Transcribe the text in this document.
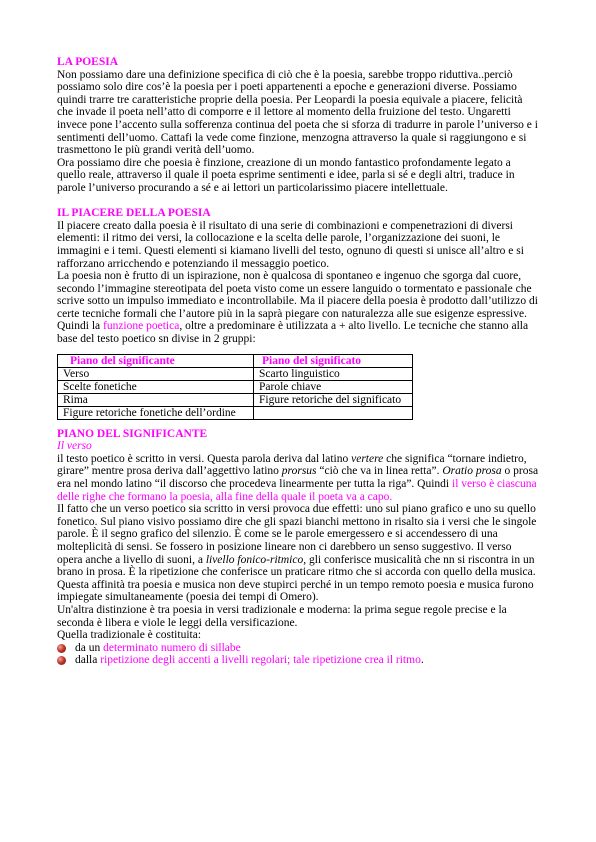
LA POESIA

Non possiamo dare una definizione specifica di ciò che è la poesia, sarebbe troppo riduttiva..perciò possiamo solo dire cos’è la poesia per i poeti appartenenti a epoche e generazioni diverse. Possiamo quindi trarre tre caratteristiche proprie della poesia. Per Leopardi la poesia equivale a piacere, felicità che invade il poeta nell’atto di comporre e il lettore al momento della fruizione del testo. Ungaretti invece pone l’accento sulla sofferenza continua del poeta che si sforza di tradurre in parole l’universo e i sentimenti dell’uomo. Cattafi la vede come finzione, menzogna attraverso la quale si raggiungono e si trasmettono le più grandi verità dell’uomo.

Ora possiamo dire che poesia è finzione, creazione di un mondo fantastico profondamente legato a quello reale, attraverso il quale il poeta esprime sentimenti e idee, parla si sé e degli altri, traduce in parole l’universo procurando a sé e ai lettori un particolarissimo piacere intellettuale.

IL PIACERE DELLA POESIA

Il piacere creato dalla poesia è il risultato di una serie di combinazioni e compenetrazioni di diversi elementi: il ritmo dei versi, la collocazione e la scelta delle parole, l’organizzazione dei suoni, le immagini e i temi. Questi elementi si kiamano livelli del testo, ognuno di questi si unisce all’altro e si rafforzano arricchendo e potenziando il messaggio poetico.

La poesia non è frutto di un ispirazione, non è qualcosa di spontaneo e ingenuo che sgorga dal cuore, secondo l’immagine stereotipata del poeta visto come un essere languido o tormentato e passionale che scrive sotto un impulso immediato e incontrollabile. Ma il piacere della poesia è prodotto dall’utilizzo di certe tecniche formali che l’autore più in la saprà piegare con naturalezza alle sue esigenze espressive. Quindi la funzione poetica, oltre a predominare è utilizzata a + alto livello. Le tecniche che stanno alla base del testo poetico sn divise in 2 gruppi:

Piano del significante	Piano del significato
Verso	Scarto linguistico
Scelte fonetiche	Parole chiave
Rima	Figure retoriche del significato
Figure retoriche fonetiche dell’ordine	
PIANO DEL SIGNIFICANTE

Il verso

il testo poetico è scritto in versi. Questa parola deriva dal latino vertere che significa “tornare indietro, girare” mentre prosa deriva dall’aggettivo latino prorsus “ciò che va in linea retta”. Oratio prosa o prosa era nel mondo latino “il discorso che procedeva linearmente per tutta la riga”. Quindi il verso è ciascuna delle righe che formano la poesia, alla fine della quale il poeta va a capo.

Il fatto che un verso poetico sia scritto in versi provoca due effetti: uno sul piano grafico e uno su quello fonetico. Sul piano visivo possiamo dire che gli spazi bianchi mettono in risalto sia i versi che le singole parole. È il segno grafico del silenzio. È come se le parole emergessero e si accendessero di una molteplicità di sensi. Se fossero in posizione lineare non ci darebbero un senso suggestivo. Il verso opera anche a livello di suoni, a livello fonico-ritmico, gli conferisce musicalità che nn si riscontra in un brano in prosa. È la ripetizione che conferisce un praticare ritmo che si accorda con quello della musica. Questa affinità tra poesia e musica non deve stupirci perché in un tempo remoto poesia e musica furono impiegate simultaneamente (poesia dei tempi di Omero).

Un'altra distinzione è tra poesia in versi tradizionale e moderna: la prima segue regole precise e la seconda è libera e viole le leggi della versificazione.

Quella tradizionale è costituita:

da un determinato numero di sillabe
dalla ripetizione degli accenti a livelli regolari; tale ripetizione crea il ritmo.
